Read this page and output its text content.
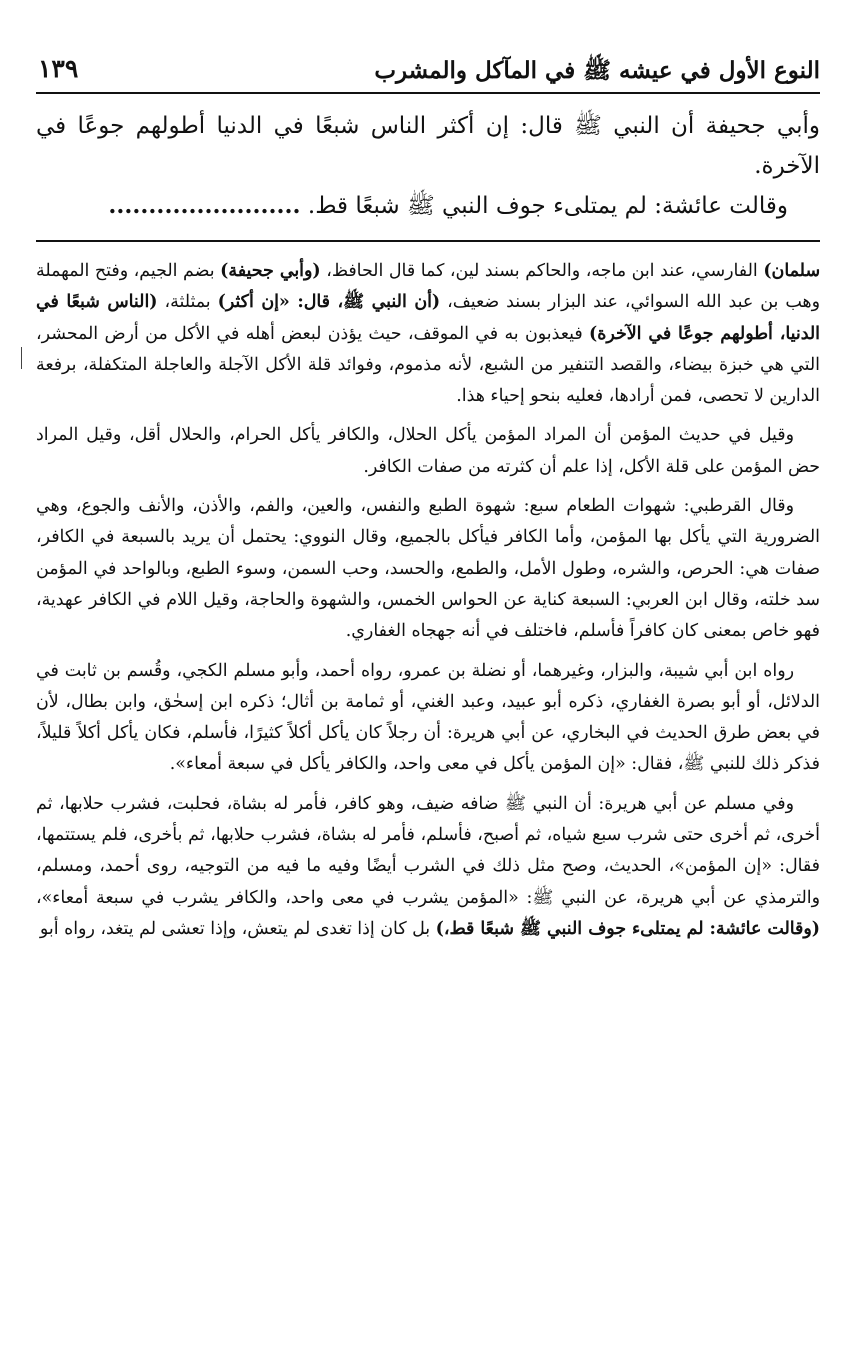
النوع الأول في عيشه ﷺ في المآكل والمشرب
١٣٩

وأبي جحيفة أن النبي ﷺ قال: إن أكثر الناس شبعًا في الدنيا أطولهم جوعًا في الآخرة.

وقالت عائشة: لم يمتلىء جوف النبي ﷺ شبعًا قط. ........................

سلمان) الفارسي، عند ابن ماجه، والحاكم بسند لين، كما قال الحافظ، (وأبي جحيفة) بضم الجيم، وفتح المهملة وهب بن عبد الله السوائي، عند البزار بسند ضعيف، (أن النبي ﷺ، قال: «إن أكثر) بمثلثة، (الناس شبعًا في الدنيا، أطولهم جوعًا في الآخرة) فيعذبون به في الموقف، حيث يؤذن لبعض أهله في الأكل من أرض المحشر، التي هي خبزة بيضاء، والقصد التنفير من الشبع، لأنه مذموم، وفوائد قلة الأكل الآجلة والعاجلة المتكفلة، برفعة الدارين لا تحصى، فمن أرادها، فعليه بنحو إحياء هذا.

وقيل في حديث المؤمن أن المراد المؤمن يأكل الحلال، والكافر يأكل الحرام، والحلال أقل، وقيل المراد حض المؤمن على قلة الأكل، إذا علم أن كثرته من صفات الكافر.

وقال القرطبي: شهوات الطعام سبع: شهوة الطبع والنفس، والعين، والفم، والأذن، والأنف والجوع، وهي الضرورية التي يأكل بها المؤمن، وأما الكافر فيأكل بالجميع، وقال النووي: يحتمل أن يريد بالسبعة في الكافر، صفات هي: الحرص، والشره، وطول الأمل، والطمع، والحسد، وحب السمن، وسوء الطبع، وبالواحد في المؤمن سد خلته، وقال ابن العربي: السبعة كناية عن الحواس الخمس، والشهوة والحاجة، وقيل اللام في الكافر عهدية، فهو خاص بمعنى كان كافراً فأسلم، فاختلف في أنه جهجاه الغفاري.

رواه ابن أبي شيبة، والبزار، وغيرهما، أو نضلة بن عمرو، رواه أحمد، وأبو مسلم الكجي، وقُسم بن ثابت في الدلائل، أو أبو بصرة الغفاري، ذكره أبو عبيد، وعبد الغني، أو ثمامة بن أثال؛ ذكره ابن إسحٰق، وابن بطال، لأن في بعض طرق الحديث في البخاري، عن أبي هريرة: أن رجلاً كان يأكل أكلاً كثيرًا، فأسلم، فكان يأكل أكلاً قليلاً، فذكر ذلك للنبي ﷺ، فقال: «إن المؤمن يأكل في معى واحد، والكافر يأكل في سبعة أمعاء».

وفي مسلم عن أبي هريرة: أن النبي ﷺ ضافه ضيف، وهو كافر، فأمر له بشاة، فحلبت، فشرب حلابها، ثم أخرى، ثم أخرى حتى شرب سبع شياه، ثم أصبح، فأسلم، فأمر له بشاة، فشرب حلابها، ثم بأخرى، فلم يستتمها، فقال: «إن المؤمن»، الحديث، وصح مثل ذلك في الشرب أيضًا وفيه ما فيه من التوجيه، روى أحمد، ومسلم، والترمذي عن أبي هريرة، عن النبي ﷺ: «المؤمن يشرب في معى واحد، والكافر يشرب في سبعة أمعاء»، (وقالت عائشة: لم يمتلىء جوف النبي ﷺ شبعًا قط،) بل كان إذا تغدى لم يتعش، وإذا تعشى لم يتغد، رواه أبو
